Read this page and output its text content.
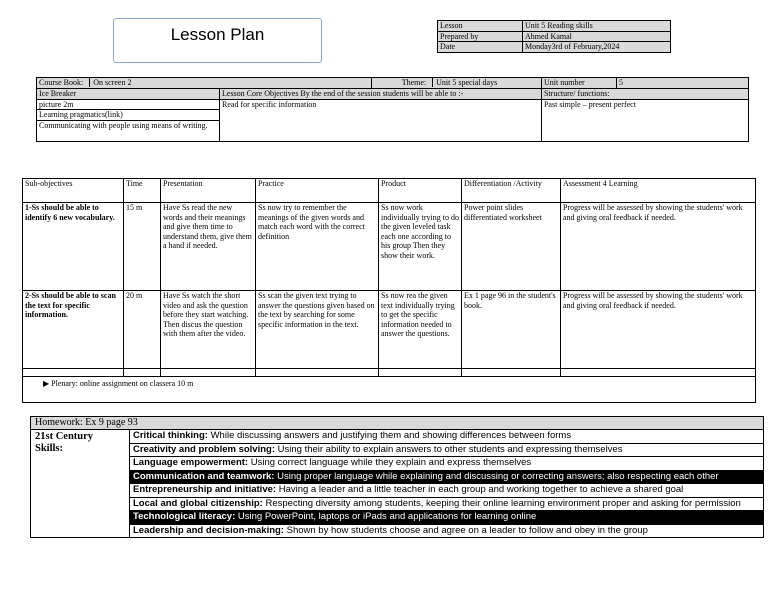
Lesson Plan	Lesson	Unit 5 Reading skills
Prepared by	Ahmed Kamal
Date	Monday3rd of February,2024
Course Book: On screen 2		Theme: Unit 5 special days	Unit number	5
Ice Breaker	Lesson Core Objectives By the end of the session students will be able to :-		Structure/ functions:	
picture 2m	Read for specific information		Past simple – present perfect	
Learning pragmatics(link)				
Communicating with people using means of writing.				
Sub-objectives	Time	Presentation	Practice	Product	Differentiation /Activity	Assessment 4 Learning
1-Ss should be able to identify 6 new vocabulary.	15 m	Have Ss read the new words and their meanings and give them time to understand them, give them a hand if needed.	Ss now try to remember the meanings of the given words and match each word with the correct definition	Ss now work individually trying to do the given leveled task each one according to his group Then they show their work.	Power point slides differentiated worksheet	Progress will be assessed by showing the students' work and giving oral feedback if needed.
2-Ss should be able to scan the text for specific information.	20 m	Have Ss watch the short video and ask the question before they start watching. Then discus the question with them after the video.	Ss scan the given text trying to answer the questions given based on the text by searching for some specific information in the text.	Ss now rea the given text individually trying to get the specific information needed to answer the questions.	Ex 1 page 96 in the student's book.	Progress will be assessed by showing the students' work and giving oral feedback if needed.

▶ Plenary: online assignment on classera 10 m						
Homework: Ex 9 page 93

21st Century
Skills:
	Critical thinking: While discussing answers and justifying them and showing differences between forms
Creativity and problem solving: Using their ability to explain answers to other students and expressing themselves
Language empowerment: Using correct language while they explain and express themselves
Communication and teamwork: Using proper language while explaining and discussing or correcting answers; also respecting each other
Entrepreneurship and initiative: Having a leader and a little teacher in each group and working together to achieve a shared goal
Local and global citizenship: Respecting diversity among students, keeping their online learning environment proper and asking for permission
Technological literacy: Using PowerPoint, laptops or iPads and applications for learning online
Leadership and decision-making: Shown by how students choose and agree on a leader to follow and obey in the group
